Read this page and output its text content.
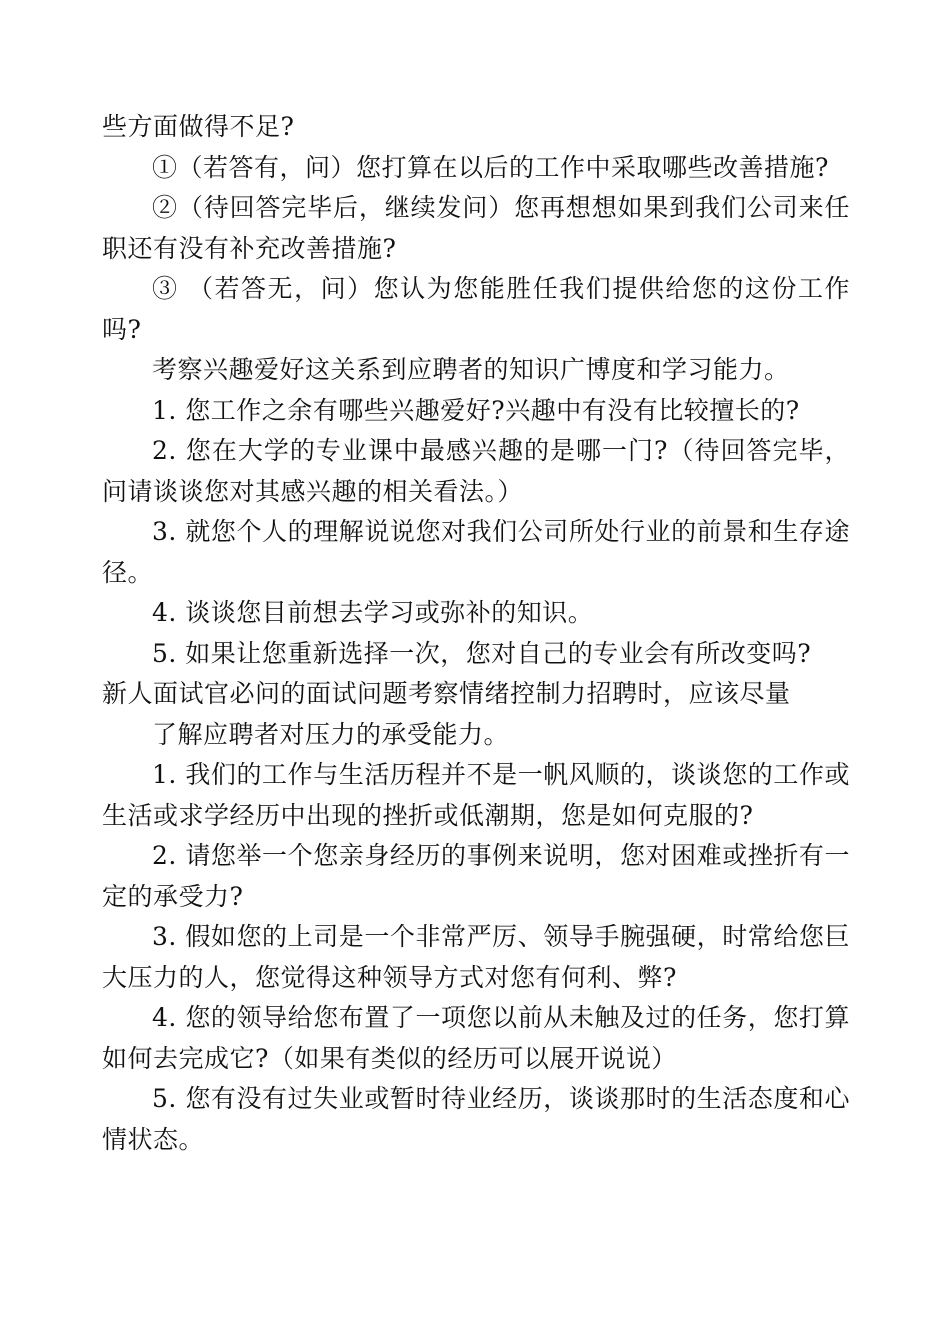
些方面做得不足?

①（若答有，问）您打算在以后的工作中采取哪些改善措施?

②（待回答完毕后，继续发问）您再想想如果到我们公司来任职还有没有补充改善措施?

③ （若答无，问）您认为您能胜任我们提供给您的这份工作吗?

考察兴趣爱好这关系到应聘者的知识广博度和学习能力。

1. 您工作之余有哪些兴趣爱好?兴趣中有没有比较擅长的?

2. 您在大学的专业课中最感兴趣的是哪一门?（待回答完毕，问请谈谈您对其感兴趣的相关看法。）

3. 就您个人的理解说说您对我们公司所处行业的前景和生存途径。

4. 谈谈您目前想去学习或弥补的知识。

5. 如果让您重新选择一次，您对自己的专业会有所改变吗?

新人面试官必问的面试问题考察情绪控制力招聘时，应该尽量

了解应聘者对压力的承受能力。

1. 我们的工作与生活历程并不是一帆风顺的，谈谈您的工作或生活或求学经历中出现的挫折或低潮期，您是如何克服的?

2. 请您举一个您亲身经历的事例来说明，您对困难或挫折有一定的承受力?

3. 假如您的上司是一个非常严厉、领导手腕强硬，时常给您巨大压力的人，您觉得这种领导方式对您有何利、弊?

4. 您的领导给您布置了一项您以前从未触及过的任务，您打算如何去完成它?（如果有类似的经历可以展开说说）

5. 您有没有过失业或暂时待业经历，谈谈那时的生活态度和心情状态。
